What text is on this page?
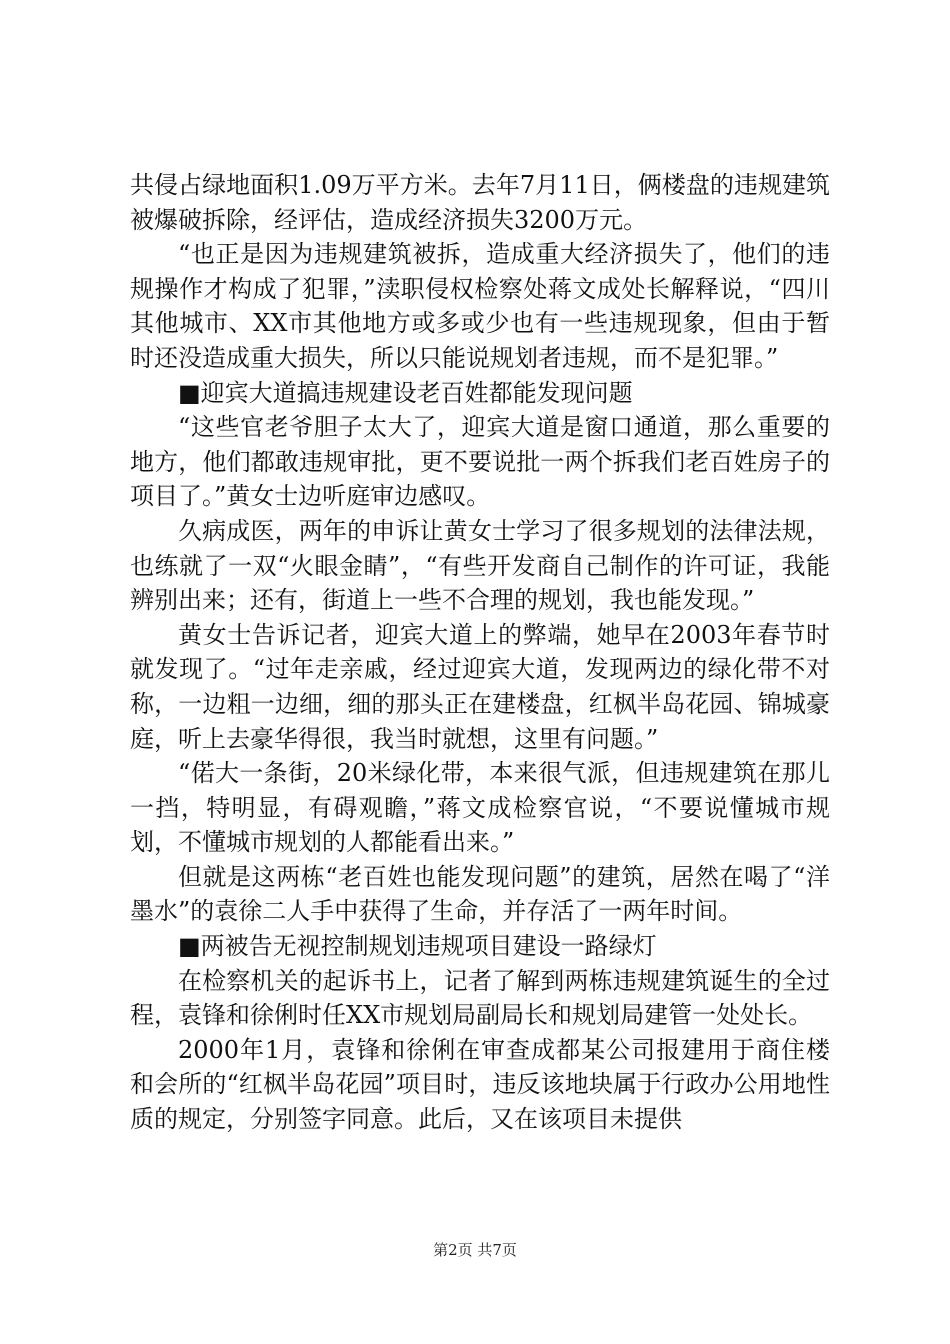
共侵占绿地面积1.09万平方米。去年7月11日，俩楼盘的违规建筑被爆破拆除，经评估，造成经济损失3200万元。

“也正是因为违规建筑被拆，造成重大经济损失了，他们的违规操作才构成了犯罪，”渎职侵权检察处蒋文成处长解释说，“四川其他城市、XX市其他地方或多或少也有一些违规现象，但由于暂时还没造成重大损失，所以只能说规划者违规，而不是犯罪。”

■迎宾大道搞违规建设老百姓都能发现问题

“这些官老爷胆子太大了，迎宾大道是窗口通道，那么重要的地方，他们都敢违规审批，更不要说批一两个拆我们老百姓房子的项目了。”黄女士边听庭审边感叹。

久病成医，两年的申诉让黄女士学习了很多规划的法律法规，也练就了一双“火眼金睛”，“有些开发商自己制作的许可证，我能辨别出来；还有，街道上一些不合理的规划，我也能发现。”

黄女士告诉记者，迎宾大道上的弊端，她早在2003年春节时就发现了。“过年走亲戚，经过迎宾大道，发现两边的绿化带不对称，一边粗一边细，细的那头正在建楼盘，红枫半岛花园、锦城豪庭，听上去豪华得很，我当时就想，这里有问题。”

“偌大一条街，20米绿化带，本来很气派，但违规建筑在那儿一挡，特明显，有碍观瞻，”蒋文成检察官说，“不要说懂城市规划，不懂城市规划的人都能看出来。”

但就是这两栋“老百姓也能发现问题”的建筑，居然在喝了“洋墨水”的袁徐二人手中获得了生命，并存活了一两年时间。

■两被告无视控制规划违规项目建设一路绿灯

在检察机关的起诉书上，记者了解到两栋违规建筑诞生的全过程，袁锋和徐俐时任XX市规划局副局长和规划局建管一处处长。

2000年1月，袁锋和徐俐在审查成都某公司报建用于商住楼和会所的“红枫半岛花园”项目时，违反该地块属于行政办公用地性质的规定，分别签字同意。此后，又在该项目未提供

第2页 共7页
